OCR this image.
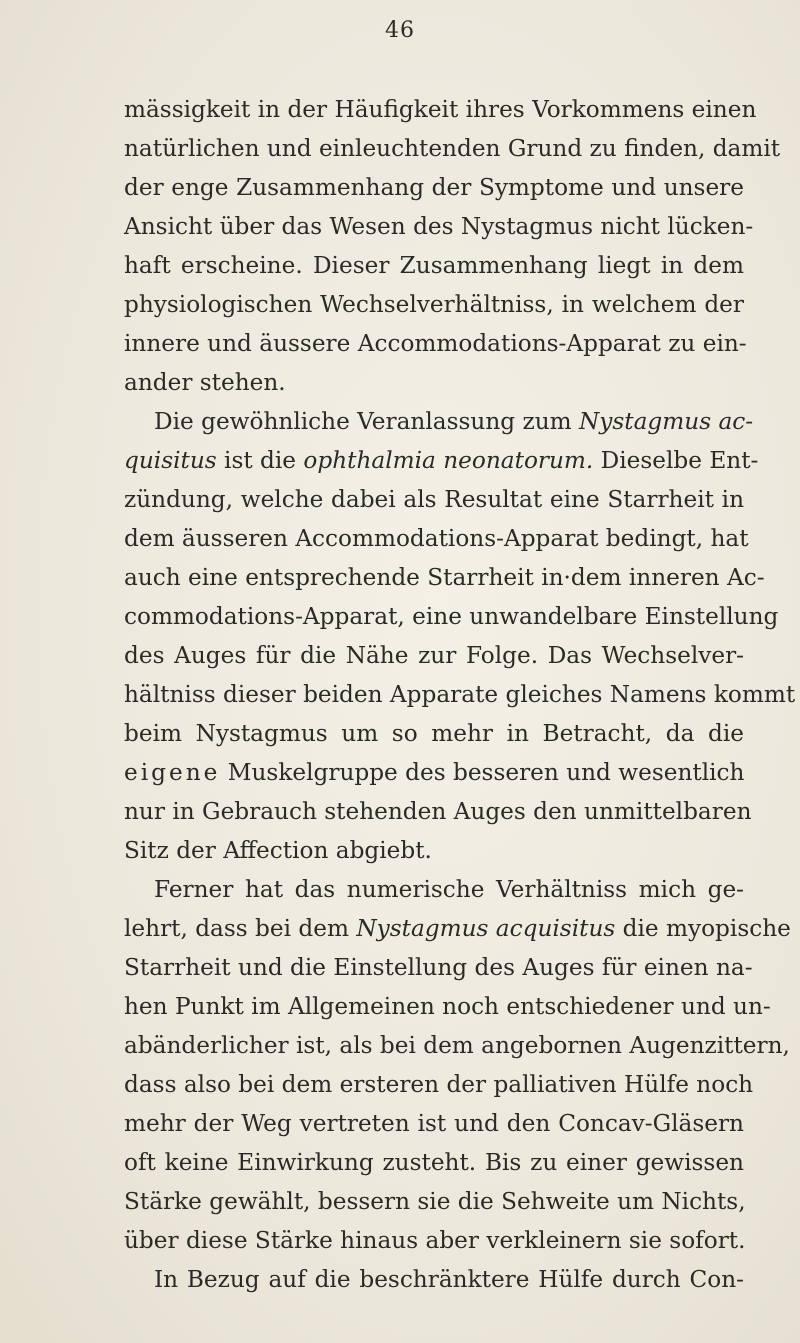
46
mässigkeit in der Häufigkeit ihres Vorkommens einen
natürlichen und einleuchtenden Grund zu finden, damit
der enge Zusammenhang der Symptome und unsere
Ansicht über das Wesen des Nystagmus nicht lücken-
haft erscheine. Dieser Zusammenhang liegt in dem
physiologischen Wechselverhältniss, in welchem der
innere und äussere Accommodations-Apparat zu ein-
ander stehen.
Die gewöhnliche Veranlassung zum Nystagmus ac-
quisitus ist die ophthalmia neonatorum. Dieselbe Ent-
zündung, welche dabei als Resultat eine Starrheit in
dem äusseren Accommodations-Apparat bedingt, hat
auch eine entsprechende Starrheit in·dem inneren Ac-
commodations-Apparat, eine unwandelbare Einstellung
des Auges für die Nähe zur Folge. Das Wechselver-
hältniss dieser beiden Apparate gleiches Namens kommt
beim Nystagmus um so mehr in Betracht, da die
eigene Muskelgruppe des besseren und wesentlich
nur in Gebrauch stehenden Auges den unmittelbaren
Sitz der Affection abgiebt.
Ferner hat das numerische Verhältniss mich ge-
lehrt, dass bei dem Nystagmus acquisitus die myopische
Starrheit und die Einstellung des Auges für einen na-
hen Punkt im Allgemeinen noch entschiedener und un-
abänderlicher ist, als bei dem angebornen Augenzittern,
dass also bei dem ersteren der palliativen Hülfe noch
mehr der Weg vertreten ist und den Concav-Gläsern
oft keine Einwirkung zusteht. Bis zu einer gewissen
Stärke gewählt, bessern sie die Sehweite um Nichts,
über diese Stärke hinaus aber verkleinern sie sofort.
In Bezug auf die beschränktere Hülfe durch Con-
